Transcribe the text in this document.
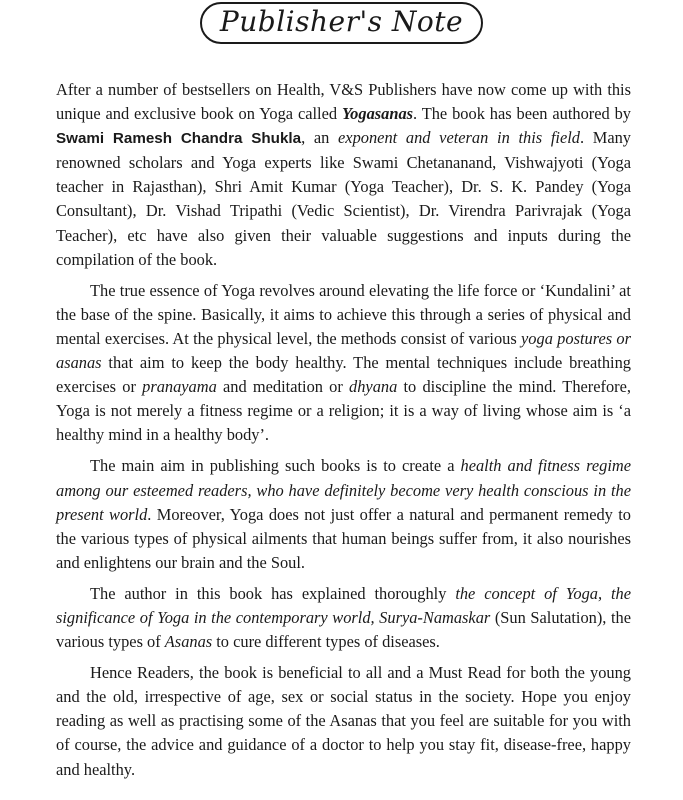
Publisher's Note

After a number of bestsellers on Health, V&S Publishers have now come up with this unique and exclusive book on Yoga called Yogasanas. The book has been authored by Swami Ramesh Chandra Shukla, an exponent and veteran in this field. Many renowned scholars and Yoga experts like Swami Chetananand, Vishwajyoti (Yoga teacher in Rajasthan), Shri Amit Kumar (Yoga Teacher), Dr. S. K. Pandey (Yoga Consultant), Dr. Vishad Tripathi (Vedic Scientist), Dr. Virendra Parivrajak (Yoga Teacher), etc have also given their valuable suggestions and inputs during the compilation of the book.

The true essence of Yoga revolves around elevating the life force or ‘Kundalini’ at the base of the spine. Basically, it aims to achieve this through a series of physical and mental exercises. At the physical level, the methods consist of various yoga postures or asanas that aim to keep the body healthy. The mental techniques include breathing exercises or pranayama and meditation or dhyana to discipline the mind. Therefore, Yoga is not merely a fitness regime or a religion; it is a way of living whose aim is ‘a healthy mind in a healthy body’.

The main aim in publishing such books is to create a health and fitness regime among our esteemed readers, who have definitely become very health conscious in the present world. Moreover, Yoga does not just offer a natural and permanent remedy to the various types of physical ailments that human beings suffer from, it also nourishes and enlightens our brain and the Soul.

The author in this book has explained thoroughly the concept of Yoga, the significance of Yoga in the contemporary world, Surya-Namaskar (Sun Salutation), the various types of Asanas to cure different types of diseases.

Hence Readers, the book is beneficial to all and a Must Read for both the young and the old, irrespective of age, sex or social status in the society. Hope you enjoy reading as well as practising some of the Asanas that you feel are suitable for you with of course, the advice and guidance of a doctor to help you stay fit, disease-free, happy and healthy.
